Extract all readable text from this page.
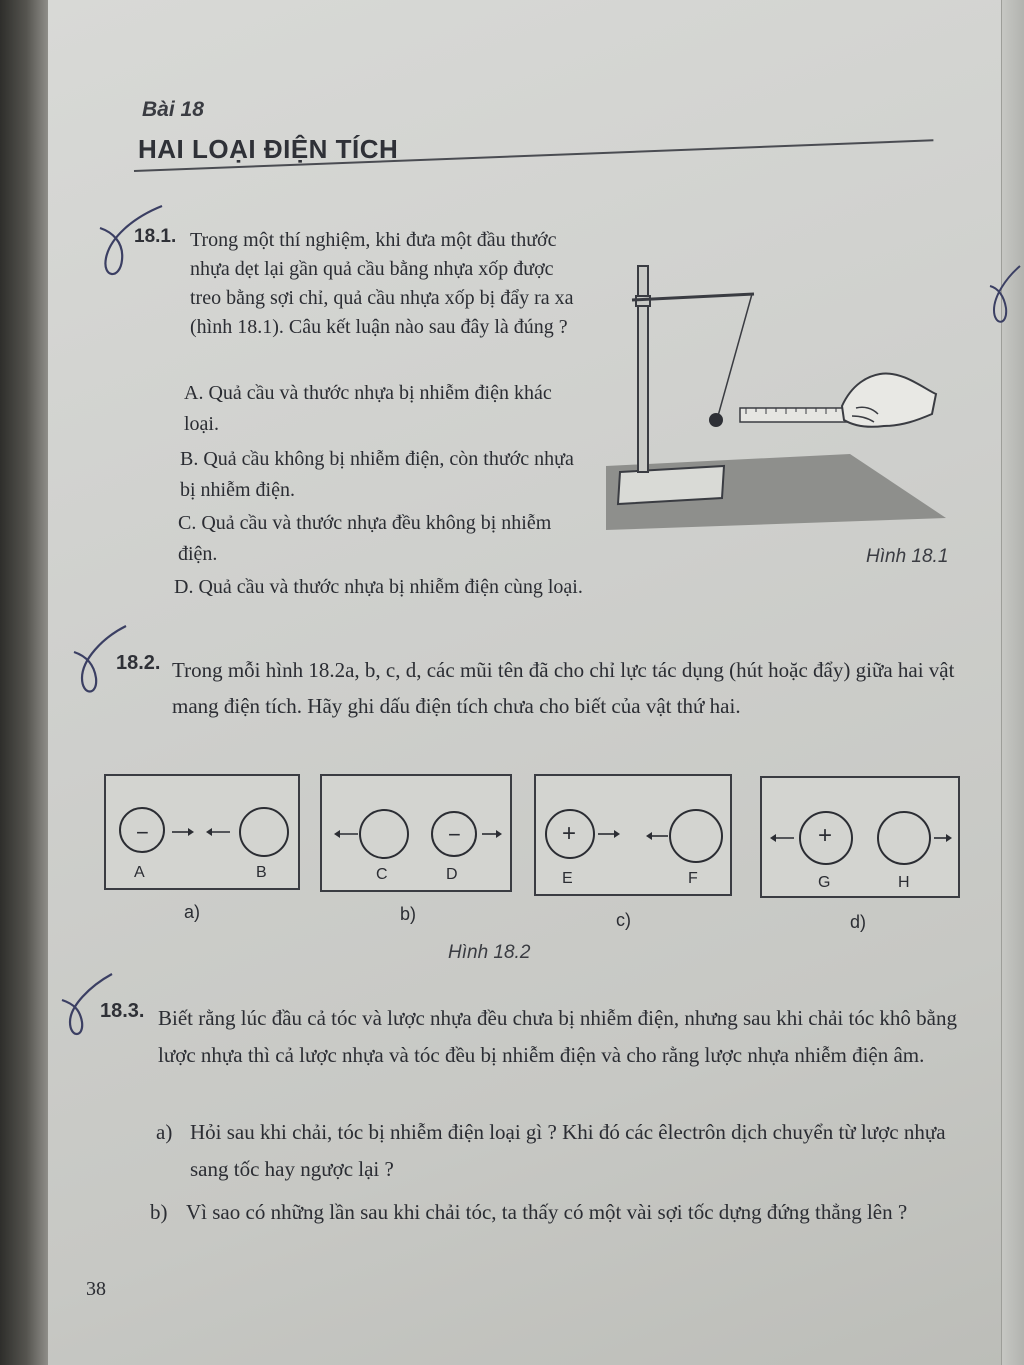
Bài 18
HAI LOẠI ĐIỆN TÍCH
18.1. Trong một thí nghiệm, khi đưa một đầu thước nhựa dẹt lại gần quả cầu bằng nhựa xốp được treo bằng sợi chỉ, quả cầu nhựa xốp bị đẩy ra xa (hình 18.1). Câu kết luận nào sau đây là đúng ?
A. Quả cầu và thước nhựa bị nhiễm điện khác loại.
B. Quả cầu không bị nhiễm điện, còn thước nhựa bị nhiễm điện.
C. Quả cầu và thước nhựa đều không bị nhiễm điện.
D. Quả cầu và thước nhựa bị nhiễm điện cùng loại.
Hình 18.1
18.2. Trong mỗi hình 18.2a, b, c, d, các mũi tên đã cho chỉ lực tác dụng (hút hoặc đẩy) giữa hai vật mang điện tích. Hãy ghi dấu điện tích chưa cho biết của vật thứ hai.
−
A	B
a)
−
C	D
b)
+
E	F
c)
+
G	H
d)
Hình 18.2
18.3. Biết rằng lúc đầu cả tóc và lược nhựa đều chưa bị nhiễm điện, nhưng sau khi chải tóc khô bằng lược nhựa thì cả lược nhựa và tóc đều bị nhiễm điện và cho rằng lược nhựa nhiễm điện âm.
a) Hỏi sau khi chải, tóc bị nhiễm điện loại gì ? Khi đó các êlectrôn dịch chuyển từ lược nhựa sang tốc hay ngược lại ?
b) Vì sao có những lần sau khi chải tóc, ta thấy có một vài sợi tốc dựng đứng thẳng lên ?
38
